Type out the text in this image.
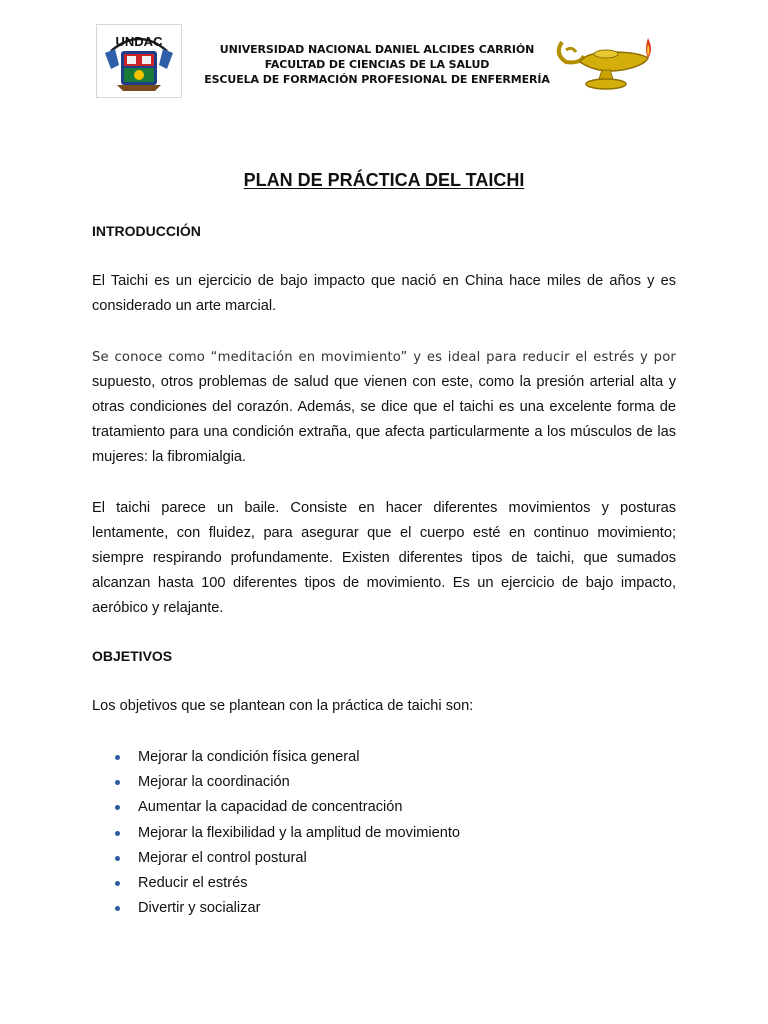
UNDAC
UNIVERSIDAD NACIONAL DANIEL ALCIDES CARRIÓN
FACULTAD DE CIENCIAS DE LA SALUD
ESCUELA DE FORMACIÓN PROFESIONAL DE ENFERMERÍA
PLAN DE PRÁCTICA DEL TAICHI
INTRODUCCIÓN
El Taichi es un ejercicio de bajo impacto que nació en China hace miles de años y es considerado un arte marcial.
Se conoce como “meditación en movimiento” y es ideal para reducir el estrés y por supuesto, otros problemas de salud que vienen con este, como la presión arterial alta y otras condiciones del corazón. Además, se dice que el taichi es una excelente forma de tratamiento para una condición extraña, que afecta particularmente a los músculos de las mujeres: la fibromialgia.
El taichi parece un baile. Consiste en hacer diferentes movimientos y posturas lentamente, con fluidez, para asegurar que el cuerpo esté en continuo movimiento; siempre respirando profundamente. Existen diferentes tipos de taichi, que sumados alcanzan hasta 100 diferentes tipos de movimiento. Es un ejercicio de bajo impacto, aeróbico y relajante.
OBJETIVOS
Los objetivos que se plantean con la práctica de taichi son:
Mejorar la condición física general
Mejorar la coordinación
Aumentar la capacidad de concentración
Mejorar la flexibilidad y la amplitud de movimiento
Mejorar el control postural
Reducir el estrés
Divertir y socializar
